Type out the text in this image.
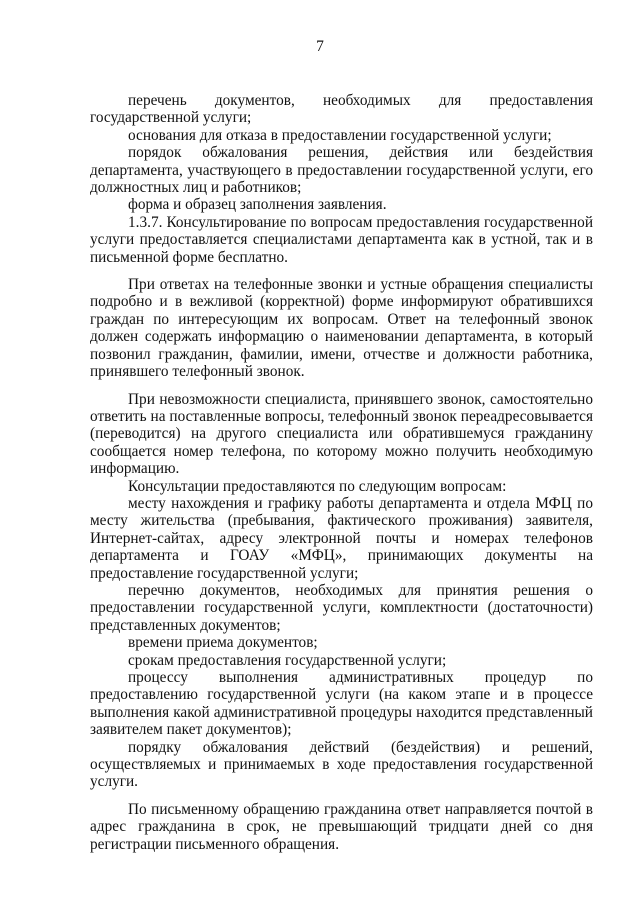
7

перечень документов, необходимых для предоставления государственной услуги;

основания для отказа в предоставлении государственной услуги;

порядок обжалования решения, действия или бездействия департамента, участвующего в предоставлении государственной услуги, его должностных лиц и работников;

форма и образец заполнения заявления.

1.3.7. Консультирование по вопросам предоставления государственной услуги предоставляется специалистами департамента как в устной, так и в письменной форме бесплатно.

При ответах на телефонные звонки и устные обращения специалисты подробно и в вежливой (корректной) форме информируют обратившихся граждан по интересующим их вопросам. Ответ на телефонный звонок должен содержать информацию о наименовании департамента, в который позвонил гражданин, фамилии, имени, отчестве и должности работника, принявшего телефонный звонок.

При невозможности специалиста, принявшего звонок, самостоятельно ответить на поставленные вопросы, телефонный звонок переадресовывается (переводится) на другого специалиста или обратившемуся гражданину сообщается номер телефона, по которому можно получить необходимую информацию.

Консультации предоставляются по следующим вопросам:

месту нахождения и графику работы департамента и отдела МФЦ по месту жительства (пребывания, фактического проживания) заявителя, Интернет-сайтах, адресу электронной почты и номерах телефонов департамента и ГОАУ «МФЦ», принимающих документы на предоставление государственной услуги;

перечню документов, необходимых для принятия решения о предоставлении государственной услуги, комплектности (достаточности) представленных документов;

времени приема документов;

срокам предоставления государственной услуги;

процессу выполнения административных процедур по предоставлению государственной услуги (на каком этапе и в процессе выполнения какой административной процедуры находится представленный заявителем пакет документов);

порядку обжалования действий (бездействия) и решений, осуществляемых и принимаемых в ходе предоставления государственной услуги.

По письменному обращению гражданина ответ направляется почтой в адрес гражданина в срок, не превышающий тридцати дней со дня регистрации письменного обращения.
